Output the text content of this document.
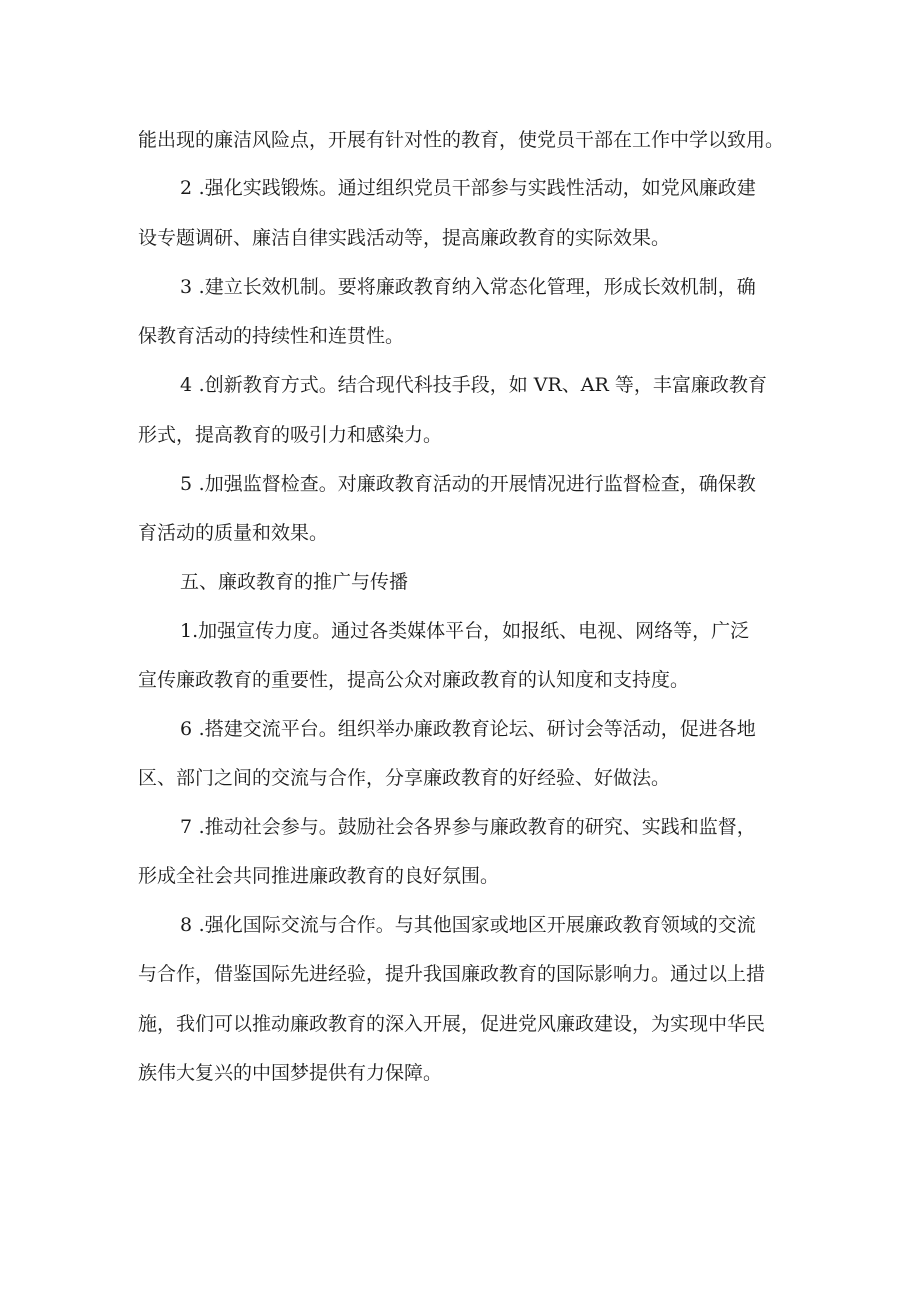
能出现的廉洁风险点，开展有针对性的教育，使党员干部在工作中学以致用。
2 .强化实践锻炼。通过组织党员干部参与实践性活动，如党风廉政建
设专题调研、廉洁自律实践活动等，提高廉政教育的实际效果。
3 .建立长效机制。要将廉政教育纳入常态化管理，形成长效机制，确
保教育活动的持续性和连贯性。
4 .创新教育方式。结合现代科技手段，如 VR、AR 等，丰富廉政教育
形式，提高教育的吸引力和感染力。
5 .加强监督检查。对廉政教育活动的开展情况进行监督检查，确保教
育活动的质量和效果。
五、廉政教育的推广与传播
1.加强宣传力度。通过各类媒体平台，如报纸、电视、网络等，广泛
宣传廉政教育的重要性，提高公众对廉政教育的认知度和支持度。
6 .搭建交流平台。组织举办廉政教育论坛、研讨会等活动，促进各地
区、部门之间的交流与合作，分享廉政教育的好经验、好做法。
7 .推动社会参与。鼓励社会各界参与廉政教育的研究、实践和监督，
形成全社会共同推进廉政教育的良好氛围。
8 .强化国际交流与合作。与其他国家或地区开展廉政教育领域的交流
与合作，借鉴国际先进经验，提升我国廉政教育的国际影响力。通过以上措
施，我们可以推动廉政教育的深入开展，促进党风廉政建设，为实现中华民
族伟大复兴的中国梦提供有力保障。
